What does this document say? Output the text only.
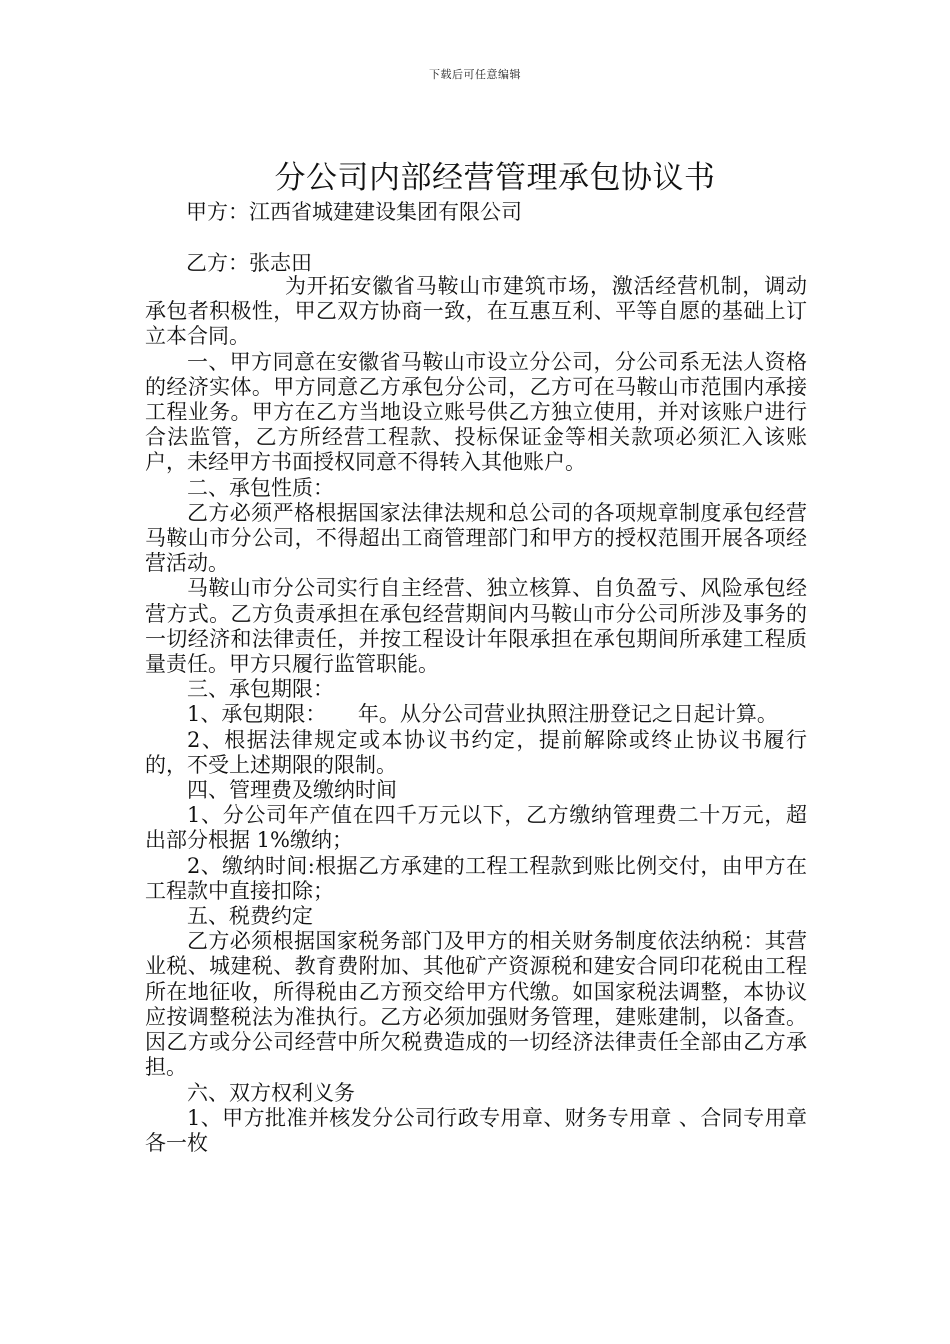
下载后可任意编辑
分公司内部经营管理承包协议书
甲方：江西省城建建设集团有限公司
乙方：张志田

为开拓安徽省马鞍山市建筑市场，激活经营机制，调动承包者积极性，甲乙双方协商一致，在互惠互利、平等自愿的基础上订立本合同。

一、甲方同意在安徽省马鞍山市设立分公司，分公司系无法人资格的经济实体。甲方同意乙方承包分公司，乙方可在马鞍山市范围内承接工程业务。甲方在乙方当地设立账号供乙方独立使用，并对该账户进行合法监管，乙方所经营工程款、投标保证金等相关款项必须汇入该账户，未经甲方书面授权同意不得转入其他账户。

二、承包性质：

乙方必须严格根据国家法律法规和总公司的各项规章制度承包经营马鞍山市分公司，不得超出工商管理部门和甲方的授权范围开展各项经营活动。

马鞍山市分公司实行自主经营、独立核算、自负盈亏、风险承包经营方式。乙方负责承担在承包经营期间内马鞍山市分公司所涉及事务的一切经济和法律责任，并按工程设计年限承担在承包期间所承建工程质量责任。甲方只履行监管职能。

三、承包期限：

1、承包期限：　　年。从分公司营业执照注册登记之日起计算。

2、根据法律规定或本协议书约定，提前解除或终止协议书履行的，不受上述期限的限制。

四、管理费及缴纳时间

1、分公司年产值在四千万元以下，乙方缴纳管理费二十万元，超出部分根据 1%缴纳；

2、缴纳时间:根据乙方承建的工程工程款到账比例交付，由甲方在工程款中直接扣除；

五、税费约定

乙方必须根据国家税务部门及甲方的相关财务制度依法纳税：其营业税、城建税、教育费附加、其他矿产资源税和建安合同印花税由工程所在地征收，所得税由乙方预交给甲方代缴。如国家税法调整，本协议应按调整税法为准执行。乙方必须加强财务管理，建账建制，以备查。因乙方或分公司经营中所欠税费造成的一切经济法律责任全部由乙方承担。

六、双方权利义务

1、甲方批准并核发分公司行政专用章、财务专用章 、合同专用章各一枚
